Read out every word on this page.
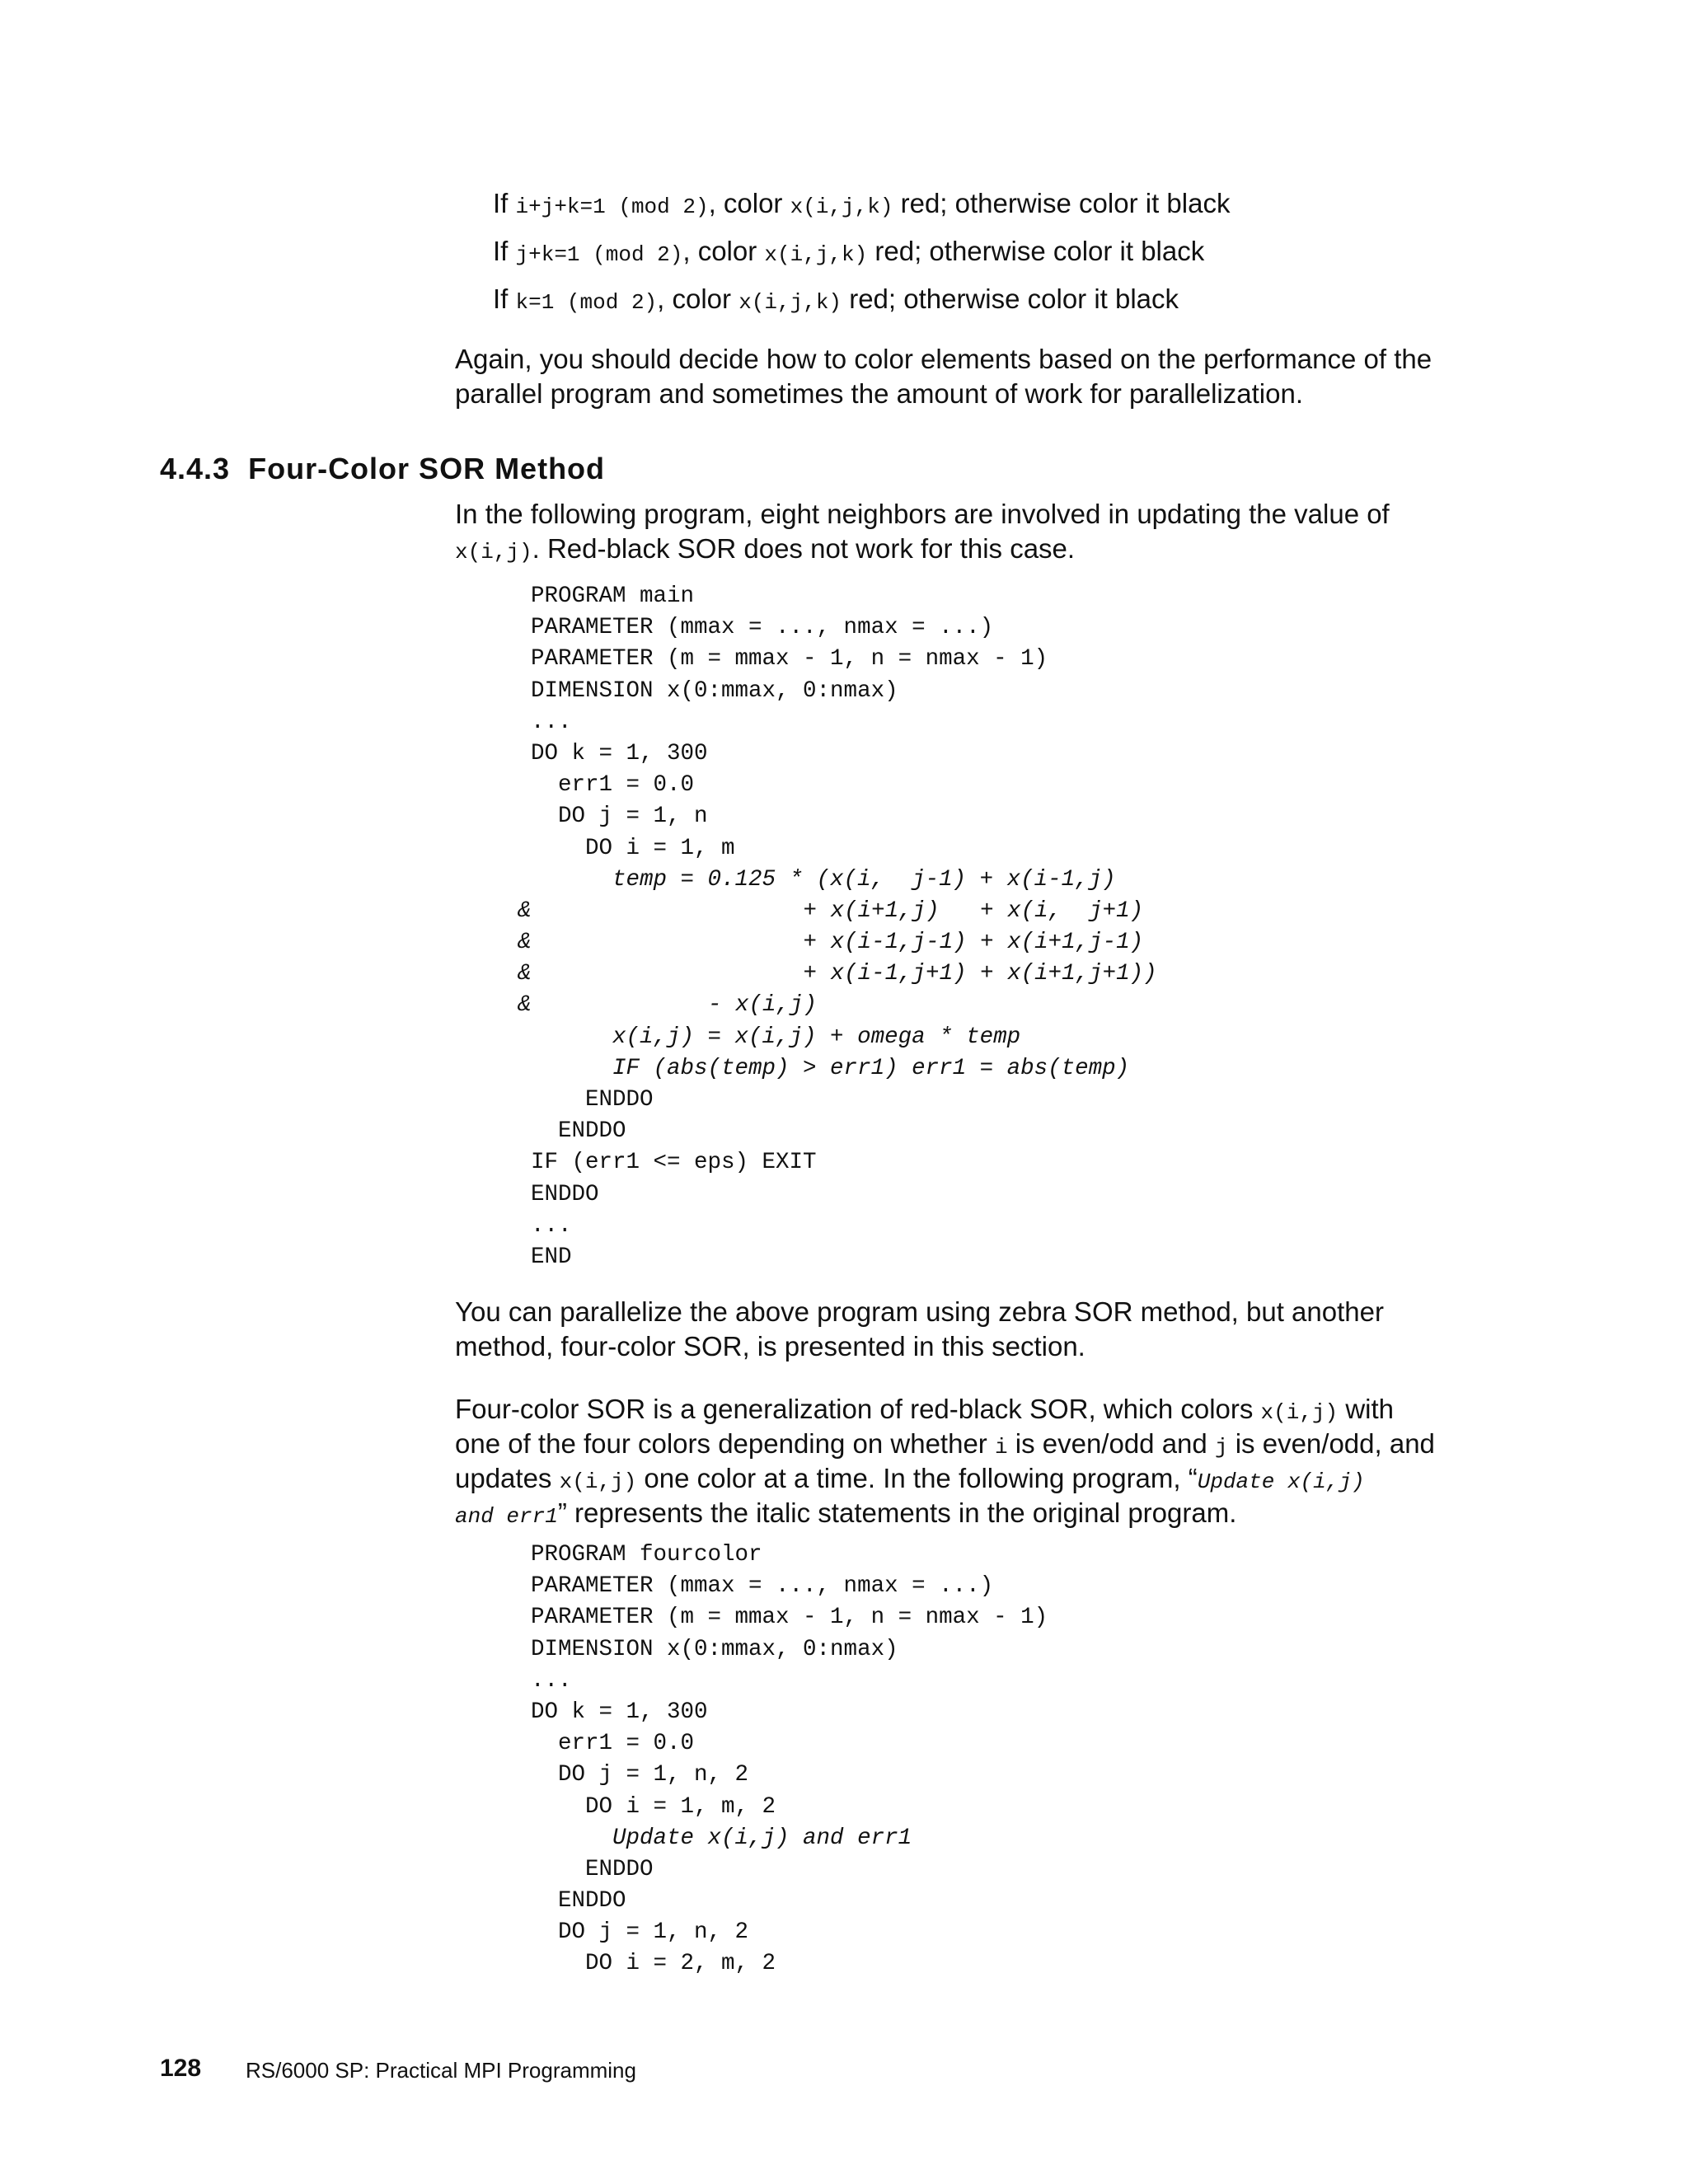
If i+j+k=1 (mod 2), color x(i,j,k) red; otherwise color it black
If j+k=1 (mod 2), color x(i,j,k) red; otherwise color it black
If k=1 (mod 2), color x(i,j,k) red; otherwise color it black
Again, you should decide how to color elements based on the performance of the
parallel program and sometimes the amount of work for parallelization.
4.4.3 Four-Color SOR Method
In the following program, eight neighbors are involved in updating the value of
x(i,j). Red-black SOR does not work for this case.
PROGRAM main
PARAMETER (mmax = ..., nmax = ...)
PARAMETER (m = mmax - 1, n = nmax - 1)
DIMENSION x(0:mmax, 0:nmax)
...
DO k = 1, 300
err1 = 0.0
DO j = 1, n
DO i = 1, m
temp = 0.125 * (x(i,  j-1) + x(i-1,j)
&                    + x(i+1,j)   + x(i,  j+1)
&                    + x(i-1,j-1) + x(i+1,j-1)
&                    + x(i-1,j+1) + x(i+1,j+1))
&             - x(i,j)
x(i,j) = x(i,j) + omega * temp
IF (abs(temp) > err1) err1 = abs(temp)
ENDDO
ENDDO
IF (err1 <= eps) EXIT
ENDDO
...
END
You can parallelize the above program using zebra SOR method, but another
method, four-color SOR, is presented in this section.
Four-color SOR is a generalization of red-black SOR, which colors x(i,j) with
one of the four colors depending on whether i is even/odd and j is even/odd, and
updates x(i,j) one color at a time. In the following program, “Update x(i,j)
and err1” represents the italic statements in the original program.
PROGRAM fourcolor
PARAMETER (mmax = ..., nmax = ...)
PARAMETER (m = mmax - 1, n = nmax - 1)
DIMENSION x(0:mmax, 0:nmax)
...
DO k = 1, 300
err1 = 0.0
DO j = 1, n, 2
DO i = 1, m, 2
Update x(i,j) and err1
ENDDO
ENDDO
DO j = 1, n, 2
DO i = 2, m, 2
128 RS/6000 SP: Practical MPI Programming
